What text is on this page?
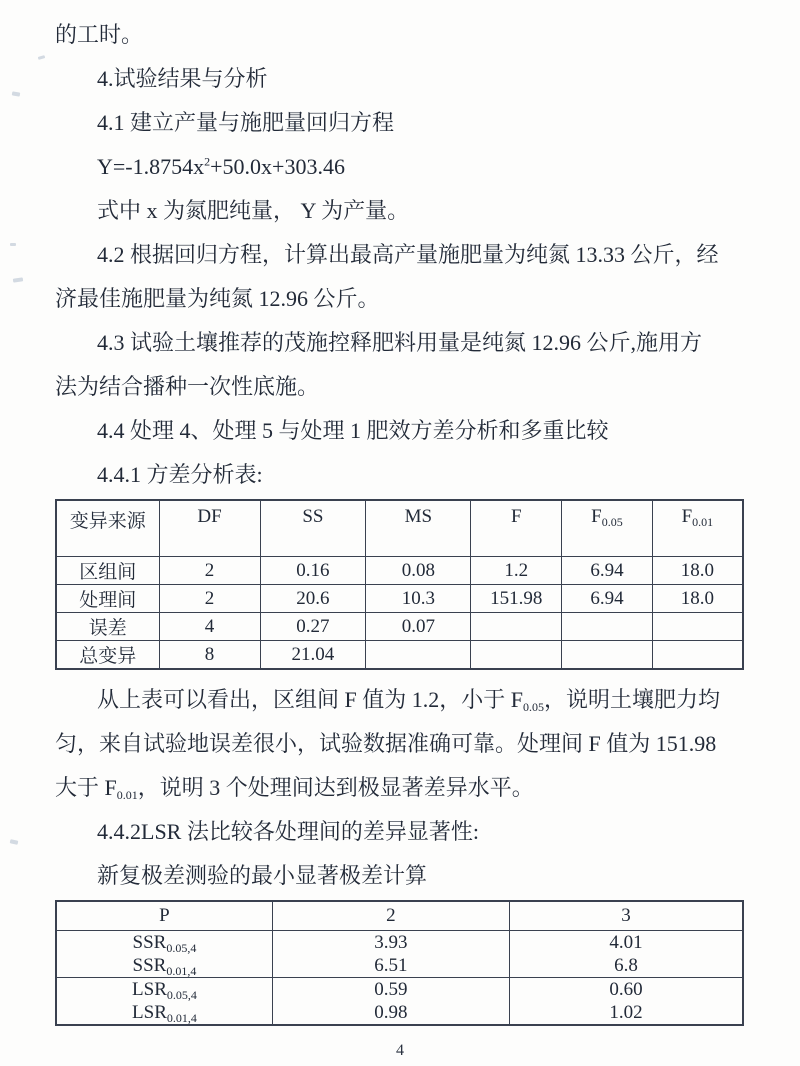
的工时。
4.试验结果与分析
4.1 建立产量与施肥量回归方程
$Y=-1.8754x^2+50.0x+303.46$
式中 x 为氮肥纯量， Y 为产量。
4.2 根据回归方程，计算出最高产量施肥量为纯氮 13.33 公斤，经
济最佳施肥量为纯氮 12.96 公斤。
4.3 试验土壤推荐的茂施控释肥料用量是纯氮 12.96 公斤,施用方
法为结合播种一次性底施。
4.4 处理 4、处理 5 与处理 1 肥效方差分析和多重比较
4.4.1 方差分析表:
变异来源	DF	SS	MS	F	$F_{0.05}$	$F_{0.01}$
区组间	2	0.16	0.08	1.2	6.94	18.0
处理间	2	20.6	10.3	151.98	6.94	18.0
误差	4	0.27	0.07			
总变异	8	21.04				
从上表可以看出，区组间 F 值为 1.2，小于 $F_{0.05}$，说明土壤肥力均
匀，来自试验地误差很小，试验数据准确可靠。处理间 F 值为 151.98
大于 $F_{0.01}$，说明 3 个处理间达到极显著差异水平。
4.4.2LSR 法比较各处理间的差异显著性:
新复极差测验的最小显著极差计算
P	2	3
$SSR_{0.05,4}$	3.93	4.01
$SSR_{0.01,4}$	6.51	6.8
$LSR_{0.05,4}$	0.59	0.60
$LSR_{0.01,4}$	0.98	1.02
4
